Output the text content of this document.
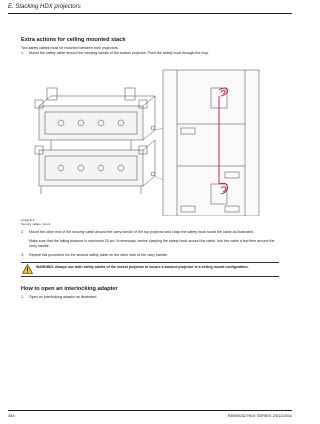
E. Stacking HDX projectors
Extra actions for ceiling mounted stack
Two safety cables must be mounted between both projectors.
1. Mount the safety cable around the carrying handle of the bottom projector. Push the safety hook through the loop.
Image E-4
Security cables, mount
2. Mount the other end of the security cable around the carry handle of the top projector and clasp the safety hook round the cable as illustrated.
Make sure that the falling distance is maximum 20 cm. If necessary, before clasping the safety hook around the cable, turn the cable a few time around the carry handle.
3. Repeat this procedure for the second safety cable on the other side of the carry handle.
WARNING: Always use both safety cables of the lowest projector to secure a stacked projector in a ceiling mount configuration.
How to open an interlocking adapter
1. Open an interlocking adaptor as illustrated.
344	R5905032 HDX SERIES 23/11/2011
